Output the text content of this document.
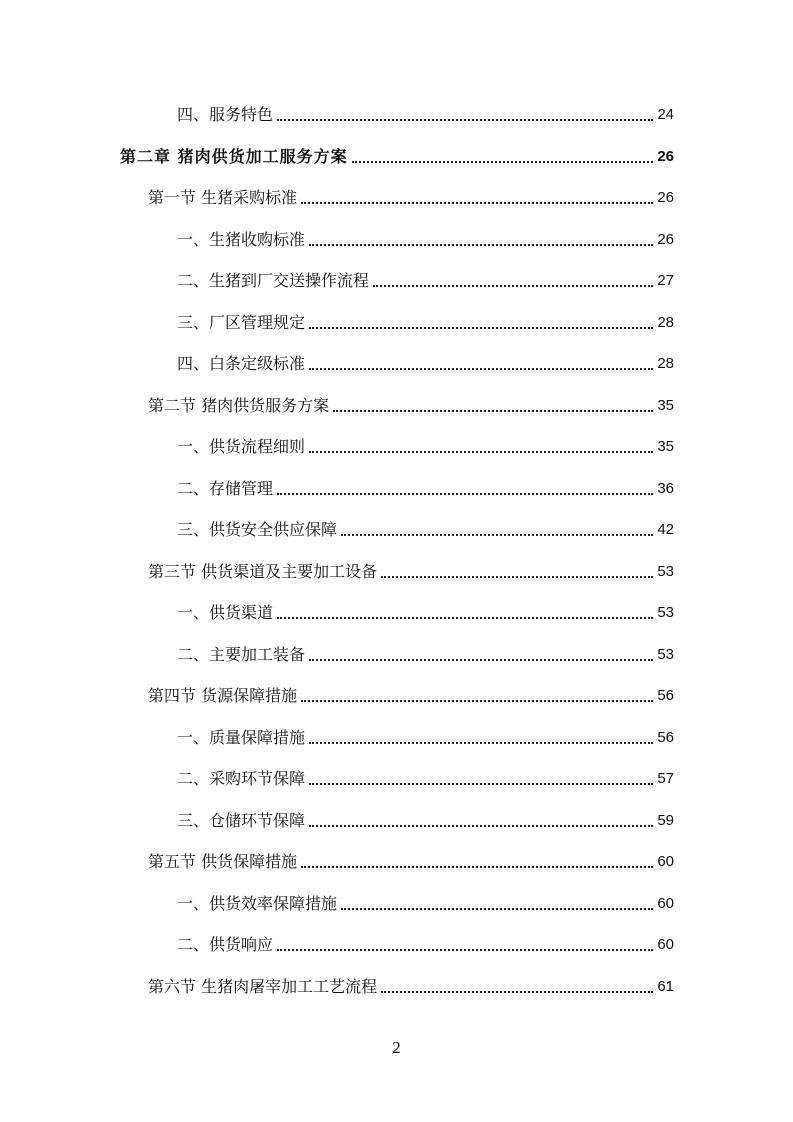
四、服务特色	24
第二章 猪肉供货加工服务方案	26
第一节 生猪采购标准	26
一、生猪收购标准	26
二、生猪到厂交送操作流程	27
三、厂区管理规定	28
四、白条定级标准	28
第二节 猪肉供货服务方案	35
一、供货流程细则	35
二、存储管理	36
三、供货安全供应保障	42
第三节 供货渠道及主要加工设备	53
一、供货渠道	53
二、主要加工装备	53
第四节 货源保障措施	56
一、质量保障措施	56
二、采购环节保障	57
三、仓储环节保障	59
第五节 供货保障措施	60
一、供货效率保障措施	60
二、供货响应	60
第六节 生猪肉屠宰加工工艺流程	61
2
